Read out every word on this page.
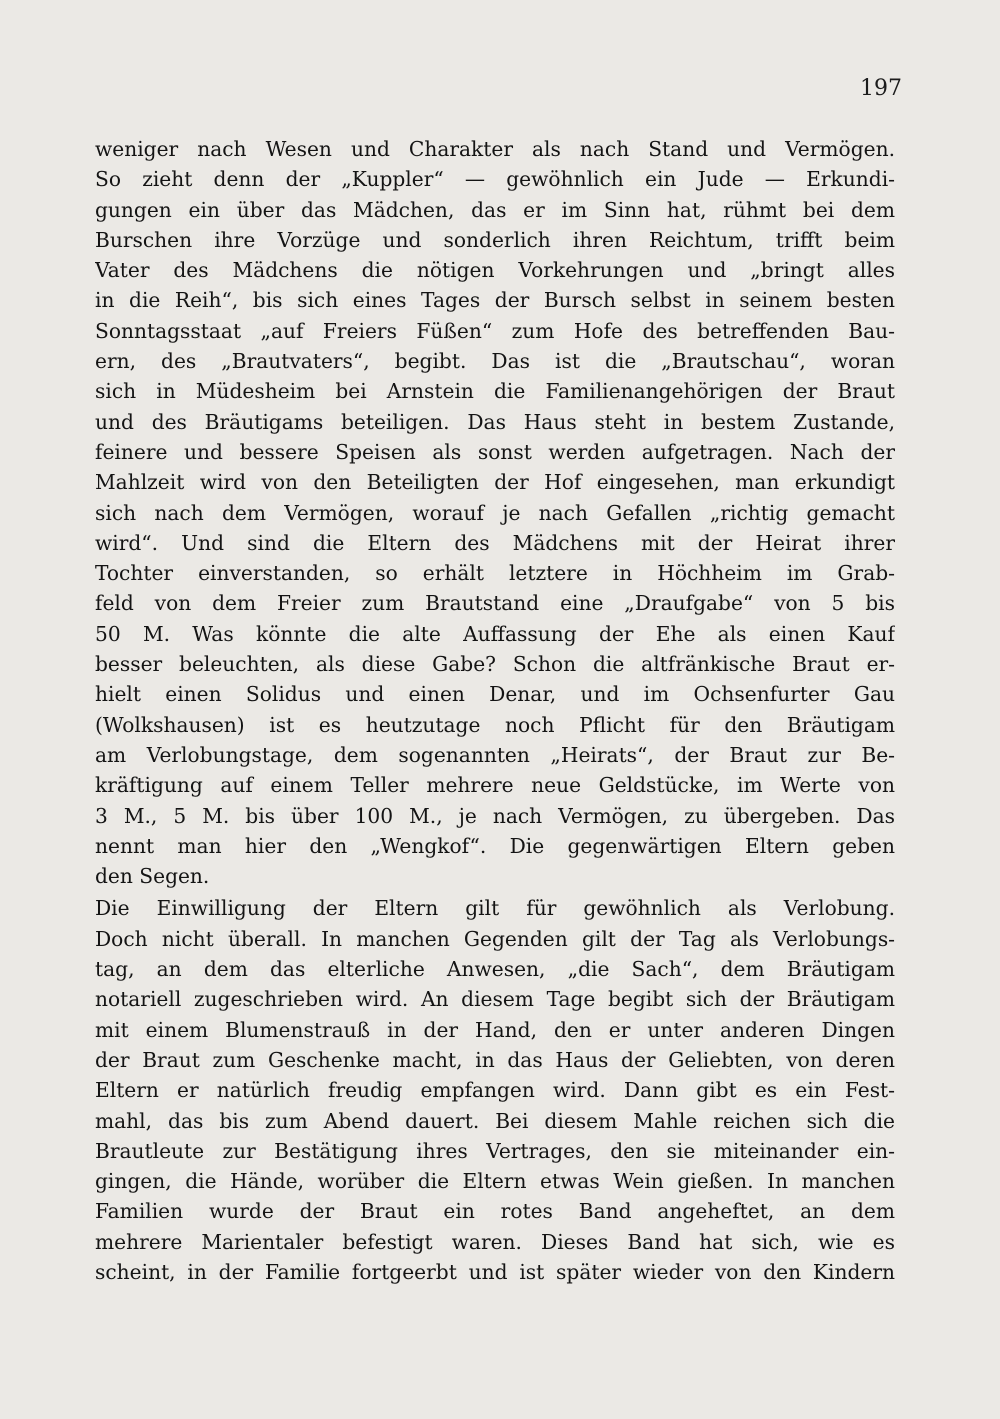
197
weniger nach Wesen und Charakter als nach Stand und Vermögen.
So zieht denn der „Kuppler“ — gewöhnlich ein Jude — Erkundi-
gungen ein über das Mädchen, das er im Sinn hat, rühmt bei dem
Burschen ihre Vorzüge und sonderlich ihren Reichtum, trifft beim
Vater des Mädchens die nötigen Vorkehrungen und „bringt alles
in die Reih“, bis sich eines Tages der Bursch selbst in seinem besten
Sonntagsstaat „auf Freiers Füßen“ zum Hofe des betreffenden Bau-
ern, des „Brautvaters“, begibt. Das ist die „Brautschau“, woran
sich in Müdesheim bei Arnstein die Familienangehörigen der Braut
und des Bräutigams beteiligen. Das Haus steht in bestem Zustande,
feinere und bessere Speisen als sonst werden aufgetragen. Nach der
Mahlzeit wird von den Beteiligten der Hof eingesehen, man erkundigt
sich nach dem Vermögen, worauf je nach Gefallen „richtig gemacht
wird“. Und sind die Eltern des Mädchens mit der Heirat ihrer
Tochter einverstanden, so erhält letztere in Höchheim im Grab-
feld von dem Freier zum Brautstand eine „Draufgabe“ von 5 bis
50 M. Was könnte die alte Auffassung der Ehe als einen Kauf
besser beleuchten, als diese Gabe? Schon die altfränkische Braut er-
hielt einen Solidus und einen Denar, und im Ochsenfurter Gau
(Wolkshausen) ist es heutzutage noch Pflicht für den Bräutigam
am Verlobungstage, dem sogenannten „Heirats“, der Braut zur Be-
kräftigung auf einem Teller mehrere neue Geldstücke, im Werte von
3 M., 5 M. bis über 100 M., je nach Vermögen, zu übergeben. Das
nennt man hier den „Wengkof“. Die gegenwärtigen Eltern geben
den Segen.
Die Einwilligung der Eltern gilt für gewöhnlich als Verlobung.
Doch nicht überall. In manchen Gegenden gilt der Tag als Verlobungs-
tag, an dem das elterliche Anwesen, „die Sach“, dem Bräutigam
notariell zugeschrieben wird. An diesem Tage begibt sich der Bräutigam
mit einem Blumenstrauß in der Hand, den er unter anderen Dingen
der Braut zum Geschenke macht, in das Haus der Geliebten, von deren
Eltern er natürlich freudig empfangen wird. Dann gibt es ein Fest-
mahl, das bis zum Abend dauert. Bei diesem Mahle reichen sich die
Brautleute zur Bestätigung ihres Vertrages, den sie miteinander ein-
gingen, die Hände, worüber die Eltern etwas Wein gießen. In manchen
Familien wurde der Braut ein rotes Band angeheftet, an dem
mehrere Marientaler befestigt waren. Dieses Band hat sich, wie es
scheint, in der Familie fortgeerbt und ist später wieder von den Kindern
